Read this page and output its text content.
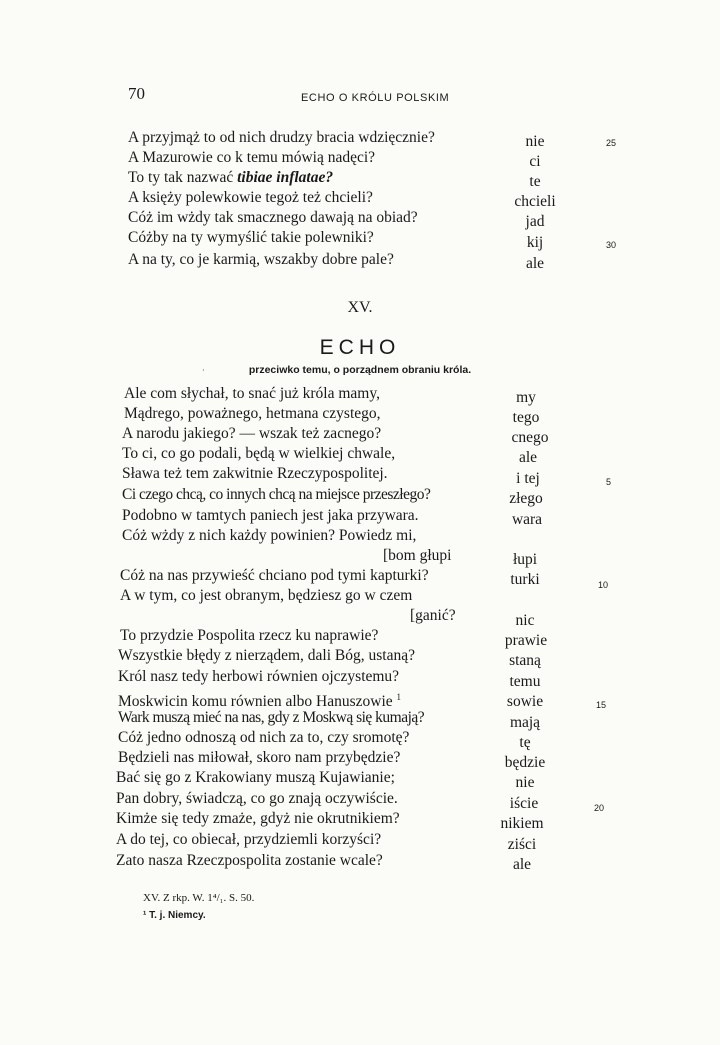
70	ECHO O KRÓLU POLSKIM
A przyjmąż to od nich drudzy bracia wdzięcznie?
A Mazurowie co k temu mówią nadęci?
To ty tak nazwać tibiae inflatae?
A księży polewkowie tegoż też chcieli?
Cóż im wżdy tak smacznego dawają na obiad?
Cóżby na ty wymyślić takie polewniki?
A na ty, co je karmią, wszakby dobre pale?
nie
ci
te
chcieli
jad
kij
ale
25
30
XV.
ECHO
·	przeciwko temu, o porządnem obraniu króla.
Ale com słychał, to snać już króla mamy,
Mądrego, poważnego, hetmana czystego,
A narodu jakiego? — wszak też zacnego?
To ci, co go podali, będą w wielkiej chwale,
Sława też tem zakwitnie Rzeczypospolitej.
Ci czego chcą, co innych chcą na miejsce przeszłego?
Podobno w tamtych paniech jest jaka przywara.
Cóż wżdy z nich każdy powinien? Powiedz mi,
[bom głupi
Cóż na nas przywieść chciano pod tymi kapturki?
A w tym, co jest obranym, będziesz go w czem
[ganić?
To przydzie Pospolita rzecz ku naprawie?
Wszystkie błędy z nierządem, dali Bóg, ustaną?
Król nasz tedy herbowi równien ojczystemu?
Moskwicin komu równien albo Hanuszowie $^1$
Wark muszą mieć na nas, gdy z Moskwą się kumają?
Cóż jedno odnoszą od nich za to, czy sromotę?
Będzieli nas miłował, skoro nam przybędzie?
Bać się go z Krakowiany muszą Kujawianie;
Pan dobry, świadczą, co go znają oczywiście.
Kimże się tedy zmaże, gdyż nie okrutnikiem?
A do tej, co obiecał, przydziemli korzyści?
Zato nasza Rzeczpospolita zostanie wcale?
my
tego
cnego
ale
i tej
złego
wara
łupi
turki
nic
prawie
staną
temu
sowie
mają
tę
będzie
nie
iście
nikiem
ziści
ale
5
10
15
20
XV. Z rkp. W. 1⁴/₁. S. 50.
¹ T. j. Niemcy.
